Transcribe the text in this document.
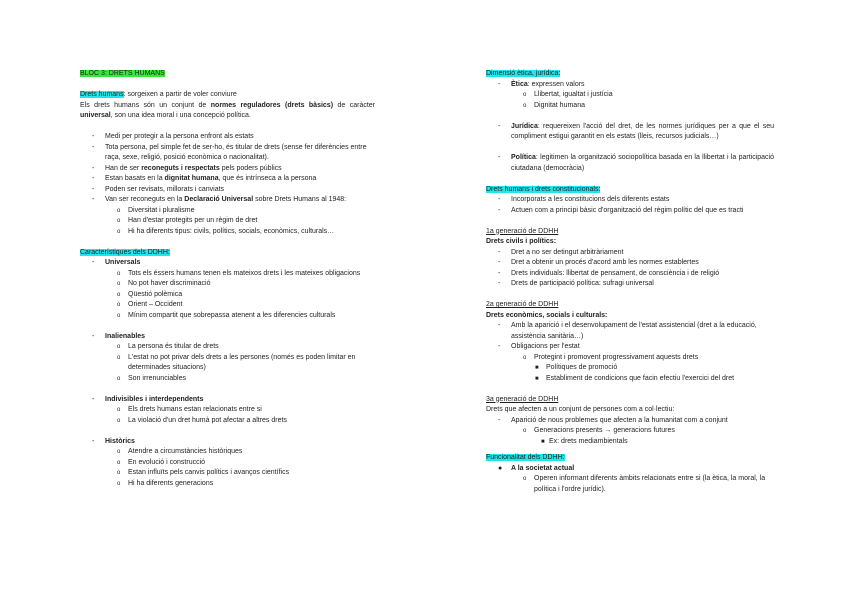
BLOC 3: DRETS HUMANS

Drets humans: sorgeixen a partir de voler conviure

Els drets humans són un conjunt de normes reguladores (drets bàsics) de caràcter universal, son una idea moral i una concepció política.

- Medi per protegir a la persona enfront als estats
- Tota persona, pel simple fet de ser-ho, és titular de drets (sense fer diferències entre raça, sexe, religió, posició econòmica o nacionalitat).
- Han de ser reconeguts i respectats pels poders públics
- Estan basats en la dignitat humana, que és intrínseca a la persona
- Poden ser revisats, millorats i canviats
- Van ser reconeguts en la Declaració Universal sobre Drets Humans al 1948:
o Diversitat i pluralisme
o Han d'estar protegits per un règim de dret
o Hi ha diferents tipus: civils, polítics, socials, econòmics, culturals…

Característiques dels DDHH:

- Universals
o Tots els éssers humans tenen els mateixos drets i les mateixes obligacions
o No pot haver discriminació
o Qüestió polèmica
o Orient – Occident
o Mínim compartit que sobrepassa atenent a les diferencies culturals
- Inalienables
o La persona és titular de drets
o L'estat no pot privar dels drets a les persones (només es poden limitar en determinades situacions)
o Son irrenunciables
- Indivisibles i interdependents
o Els drets humans estan relacionats entre si
o La violació d'un dret humà pot afectar a altres drets
- Històrics
o Atendre a circumstàncies històriques
o En evolució i construcció
o Estan influïts pels canvis polítics i avanços científics
o Hi ha diferents generacions

Dimensió ètica, jurídica:

- Ètica: expressen valors
o Llibertat, igualtat i justícia
o Dignitat humana
- Jurídica: requereixen l'acció del dret, de les normes jurídiques per a que el seu compliment estigui garantit en els estats (lleis, recursos judicials…)
- Política: legitimen la organització sociopolítica basada en la llibertat i la participació ciutadana (democràcia)

Drets humans i drets constitucionals:

- Incorporats a les constitucions dels diferents estats
- Actuen com a principi bàsic d'organització del règim polític del que es tracti

1a generació de DDHH

Drets civils i polítics:

- Dret a no ser detingut arbitràriament
- Dret a obtenir un procés d'acord amb les normes establertes
- Drets individuals: llibertat de pensament, de consciència i de religió
- Drets de participació política: sufragi universal

2a generació de DDHH

Drets econòmics, socials i culturals:

- Amb la aparició i el desenvolupament de l'estat assistencial (dret a la educació, assistència sanitària…)
- Obligacions per l'estat
o Protegint i promovent progressivament aquests drets
■ Polítiques de promoció
■ Establiment de condicions que facin efectiu l'exercici del dret

3a generació de DDHH

Drets que afecten a un conjunt de persones com a col·lectiu:

- Aparició de nous problemes que afecten a la humanitat com a conjunt
o Generacions presents → generacions futures
■ Ex: drets mediambientals

Funcionalitat dels DDHH:

● A la societat actual
o Operen informant diferents àmbits relacionats entre si (la ètica, la moral, la política i l'ordre jurídic).
